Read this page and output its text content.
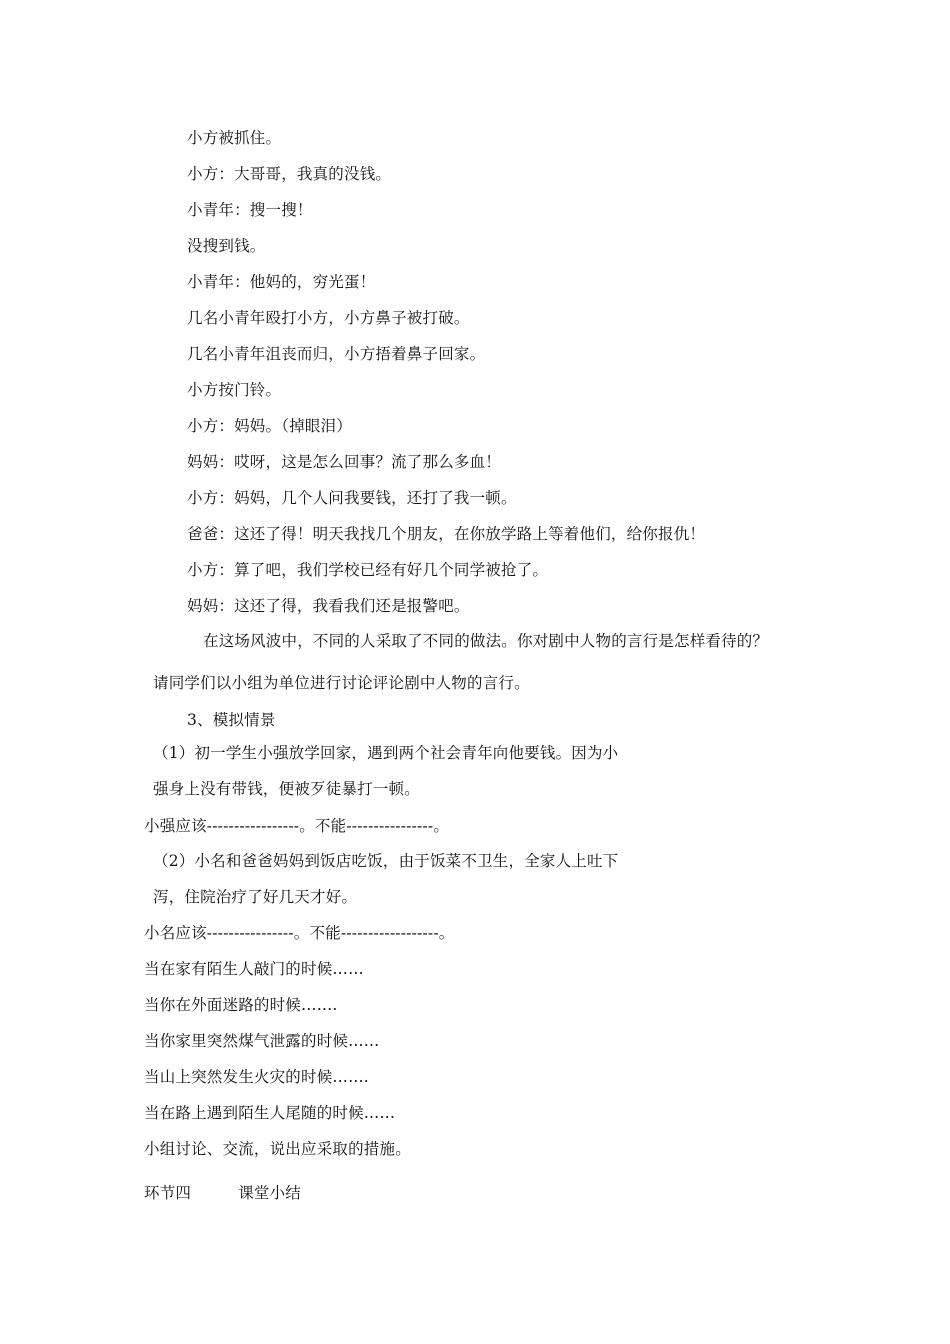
小方被抓住。
小方：大哥哥，我真的没钱。
小青年：搜一搜！
没搜到钱。
小青年：他妈的，穷光蛋！
几名小青年殴打小方，小方鼻子被打破。
几名小青年沮丧而归，小方捂着鼻子回家。
小方按门铃。
小方：妈妈。（掉眼泪）
妈妈：哎呀，这是怎么回事？流了那么多血！
小方：妈妈，几个人问我要钱，还打了我一顿。
爸爸：这还了得！明天我找几个朋友，在你放学路上等着他们，给你报仇！
小方：算了吧，我们学校已经有好几个同学被抢了。
妈妈：这还了得，我看我们还是报警吧。
在这场风波中，不同的人采取了不同的做法。你对剧中人物的言行是怎样看待的？
请同学们以小组为单位进行讨论评论剧中人物的言行。
3、模拟情景
（1）初一学生小强放学回家，遇到两个社会青年向他要钱。因为小
强身上没有带钱，便被歹徒暴打一顿。
小强应该-----------------。不能----------------。
（2）小名和爸爸妈妈到饭店吃饭，由于饭菜不卫生，全家人上吐下
泻，住院治疗了好几天才好。
小名应该----------------。不能------------------。
当在家有陌生人敲门的时候……
当你在外面迷路的时候…….
当你家里突然煤气泄露的时候……
当山上突然发生火灾的时候…….
当在路上遇到陌生人尾随的时候……
小组讨论、交流，说出应采取的措施。
环节四　　　课堂小结
